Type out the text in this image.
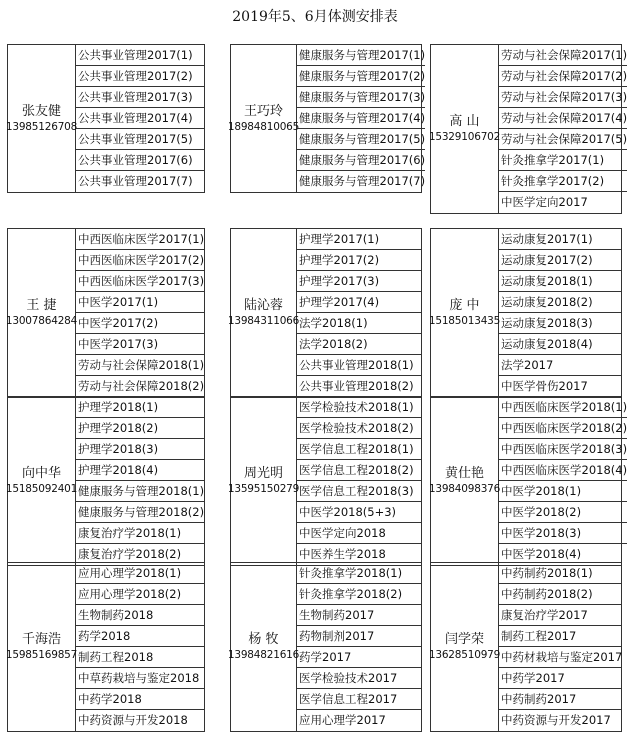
2019年5、6月体测安排表
张友健
13985126708
公共事业管理2017(1)
公共事业管理2017(2)
公共事业管理2017(3)
公共事业管理2017(4)
公共事业管理2017(5)
公共事业管理2017(6)
公共事业管理2017(7)
王巧玲
18984810065
健康服务与管理2017(1)
健康服务与管理2017(2)
健康服务与管理2017(3)
健康服务与管理2017(4)
健康服务与管理2017(5)
健康服务与管理2017(6)
健康服务与管理2017(7)
高 山
15329106702
劳动与社会保障2017(1)
劳动与社会保障2017(2)
劳动与社会保障2017(3)
劳动与社会保障2017(4)
劳动与社会保障2017(5)
针灸推拿学2017(1)
针灸推拿学2017(2)
中医学定向2017
王 捷
13007864284
中西医临床医学2017(1)
中西医临床医学2017(2)
中西医临床医学2017(3)
中医学2017(1)
中医学2017(2)
中医学2017(3)
劳动与社会保障2018(1)
劳动与社会保障2018(2)
陆沁蓉
13984311066
护理学2017(1)
护理学2017(2)
护理学2017(3)
护理学2017(4)
法学2018(1)
法学2018(2)
公共事业管理2018(1)
公共事业管理2018(2)
庞 中
15185013435
运动康复2017(1)
运动康复2017(2)
运动康复2018(1)
运动康复2018(2)
运动康复2018(3)
运动康复2018(4)
法学2017
中医学骨伤2017
向中华
15185092401
护理学2018(1)
护理学2018(2)
护理学2018(3)
护理学2018(4)
健康服务与管理2018(1)
健康服务与管理2018(2)
康复治疗学2018(1)
康复治疗学2018(2)
周光明
13595150279
医学检验技术2018(1)
医学检验技术2018(2)
医学信息工程2018(1)
医学信息工程2018(2)
医学信息工程2018(3)
中医学2018(5+3)
中医学定向2018
中医养生学2018
黄仕艳
13984098376
中西医临床医学2018(1)
中西医临床医学2018(2)
中西医临床医学2018(3)
中西医临床医学2018(4)
中医学2018(1)
中医学2018(2)
中医学2018(3)
中医学2018(4)
千海浩
15985169857
应用心理学2018(1)
应用心理学2018(2)
生物制药2018
药学2018
制药工程2018
中草药栽培与鉴定2018
中药学2018
中药资源与开发2018
杨 牧
13984821616
针灸推拿学2018(1)
针灸推拿学2018(2)
生物制药2017
药物制剂2017
药学2017
医学检验技术2017
医学信息工程2017
应用心理学2017
闫学荣
13628510979
中药制药2018(1)
中药制药2018(2)
康复治疗学2017
制药工程2017
中药材栽培与鉴定2017
中药学2017
中药制药2017
中药资源与开发2017
